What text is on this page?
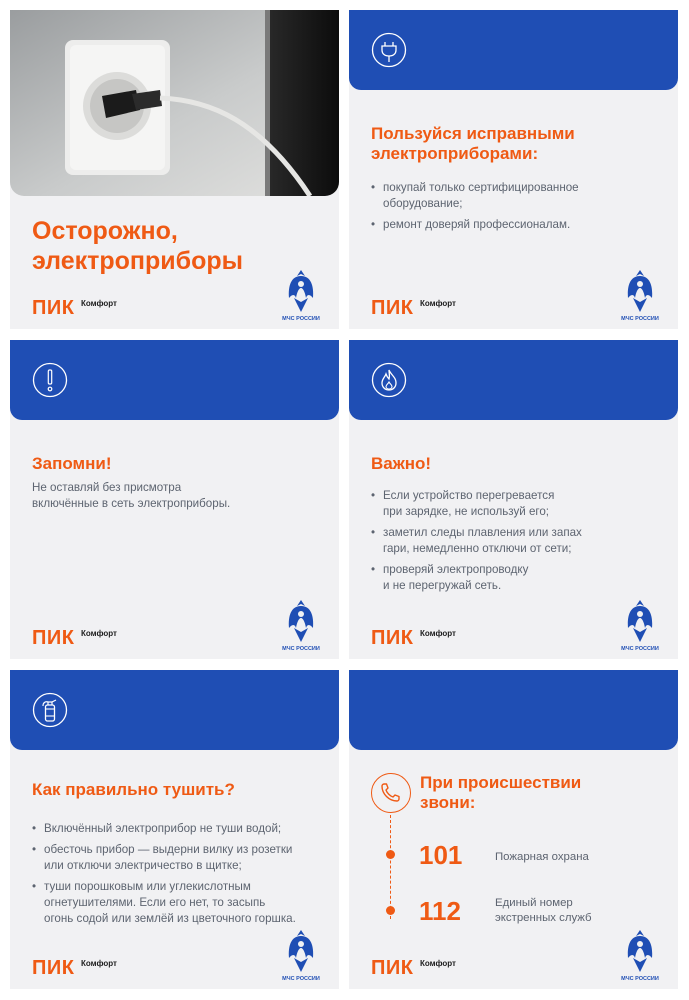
Осторожно,
электроприборы
ПИК Комфорт
МЧС РОССИИ
Пользуйся исправными
электроприборами:
• покупай только сертифицированное
оборудование;
• ремонт доверяй профессионалам.
ПИК Комфорт
МЧС РОССИИ
Запомни!
Не оставляй без присмотра
включённые в сеть электроприборы.
ПИК Комфорт
МЧС РОССИИ
Важно!
• Если устройство перегревается
при зарядке, не используй его;
• заметил следы плавления или запах
гари, немедленно отключи от сети;
• проверяй электропроводку
и не перегружай сеть.
ПИК Комфорт
МЧС РОССИИ
Как правильно тушить?
• Включённый электроприбор не туши водой;
• обесточь прибор — выдерни вилку из розетки
или отключи электричество в щитке;
• туши порошковым или углекислотным
огнетушителями. Если его нет, то засыпь
огонь содой или землёй из цветочного горшка.
ПИК Комфорт
МЧС РОССИИ
При происшествии
звони:
101	Пожарная охрана
112	Единый номер
экстренных служб
ПИК Комфорт
МЧС РОССИИ
